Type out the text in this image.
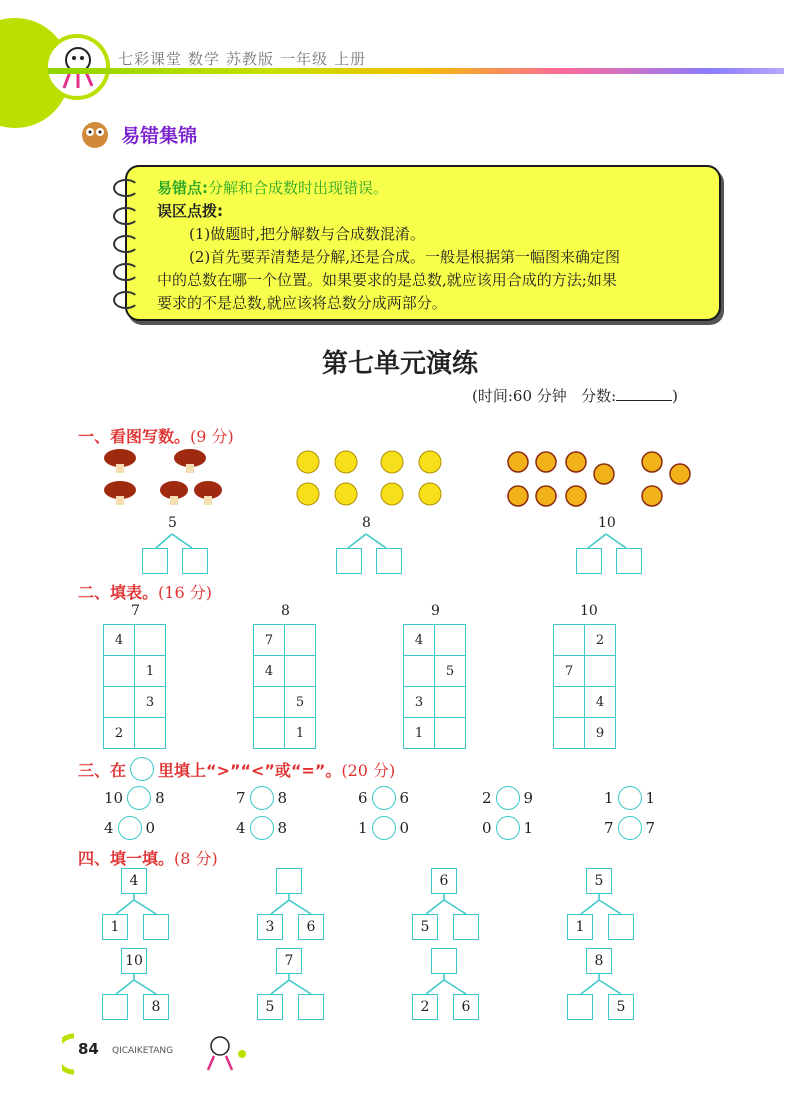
七彩课堂 数学 苏教版 一年级 上册
易错集锦
易错点:分解和合成数时出现错误。
误区点拨:
(1)做题时,把分解数与合成数混淆。
(2)首先要弄清楚是分解,还是合成。一般是根据第一幅图来确定图
中的总数在哪一个位置。如果要求的是总数,就应该用合成的方法;如果
要求的不是总数,就应该将总数分成两部分。
第七单元演练
(时间:60 分钟 分数:	)
一、看图写数。(9 分)
5	8	10
二、填表。(16 分)
7
4	
	1
	3
2	
8
7	
4	
	5
	1
9
4	
	5
3	
1	
10
	2
7	
	4
	9
三、在 里填上“>”“<”或“=”。 (20 分)
10 8	7 8	6 6	2 9	1 1
4 0	4 8	1 0	0 1	7 7
四、填一填。(8 分)
4
1	3	6
6
5
5
1
10
8
7
5	2	6
8
5
84 QICAIKETANG
